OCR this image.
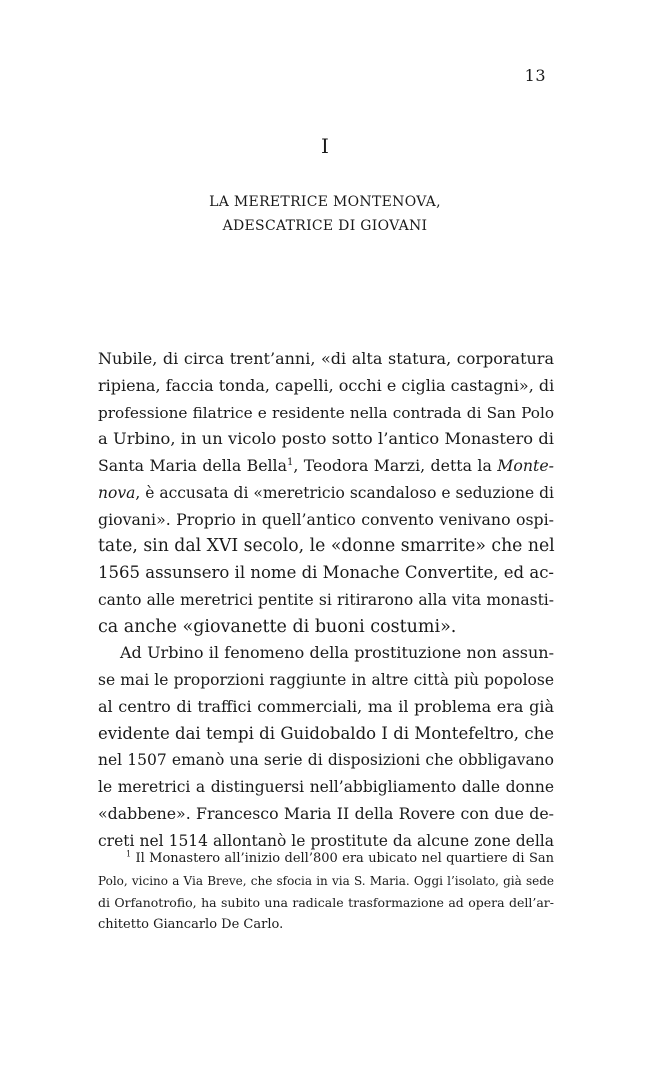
13
I
LA MERETRICE MONTENOVA,
ADESCATRICE DI GIOVANI
Nubile, di circa trent’anni, «di alta statura, corporatura
ripiena, faccia tonda, capelli, occhi e ciglia castagni», di
professione filatrice e residente nella contrada di San Polo
a Urbino, in un vicolo posto sotto l’antico Monastero di
Santa Maria della Bella$^1$, Teodora Marzi, detta la Monte-
nova, è accusata di «meretricio scandaloso e seduzione di
giovani». Proprio in quell’antico convento venivano ospi-
tate, sin dal XVI secolo, le «donne smarrite» che nel
1565 assunsero il nome di Monache Convertite, ed ac-
canto alle meretrici pentite si ritirarono alla vita monasti-
ca anche «giovanette di buoni costumi».
Ad Urbino il fenomeno della prostituzione non assun-
se mai le proporzioni raggiunte in altre città più popolose
al centro di traffici commerciali, ma il problema era già
evidente dai tempi di Guidobaldo I di Montefeltro, che
nel 1507 emanò una serie di disposizioni che obbligavano
le meretrici a distinguersi nell’abbigliamento dalle donne
«dabbene». Francesco Maria II della Rovere con due de-
creti nel 1514 allontanò le prostitute da alcune zone della
$^1$ Il Monastero all’inizio dell’800 era ubicato nel quartiere di San
Polo, vicino a Via Breve, che sfocia in via S. Maria. Oggi l’isolato, già sede
di Orfanotrofio, ha subito una radicale trasformazione ad opera dell’ar-
chitetto Giancarlo De Carlo.
